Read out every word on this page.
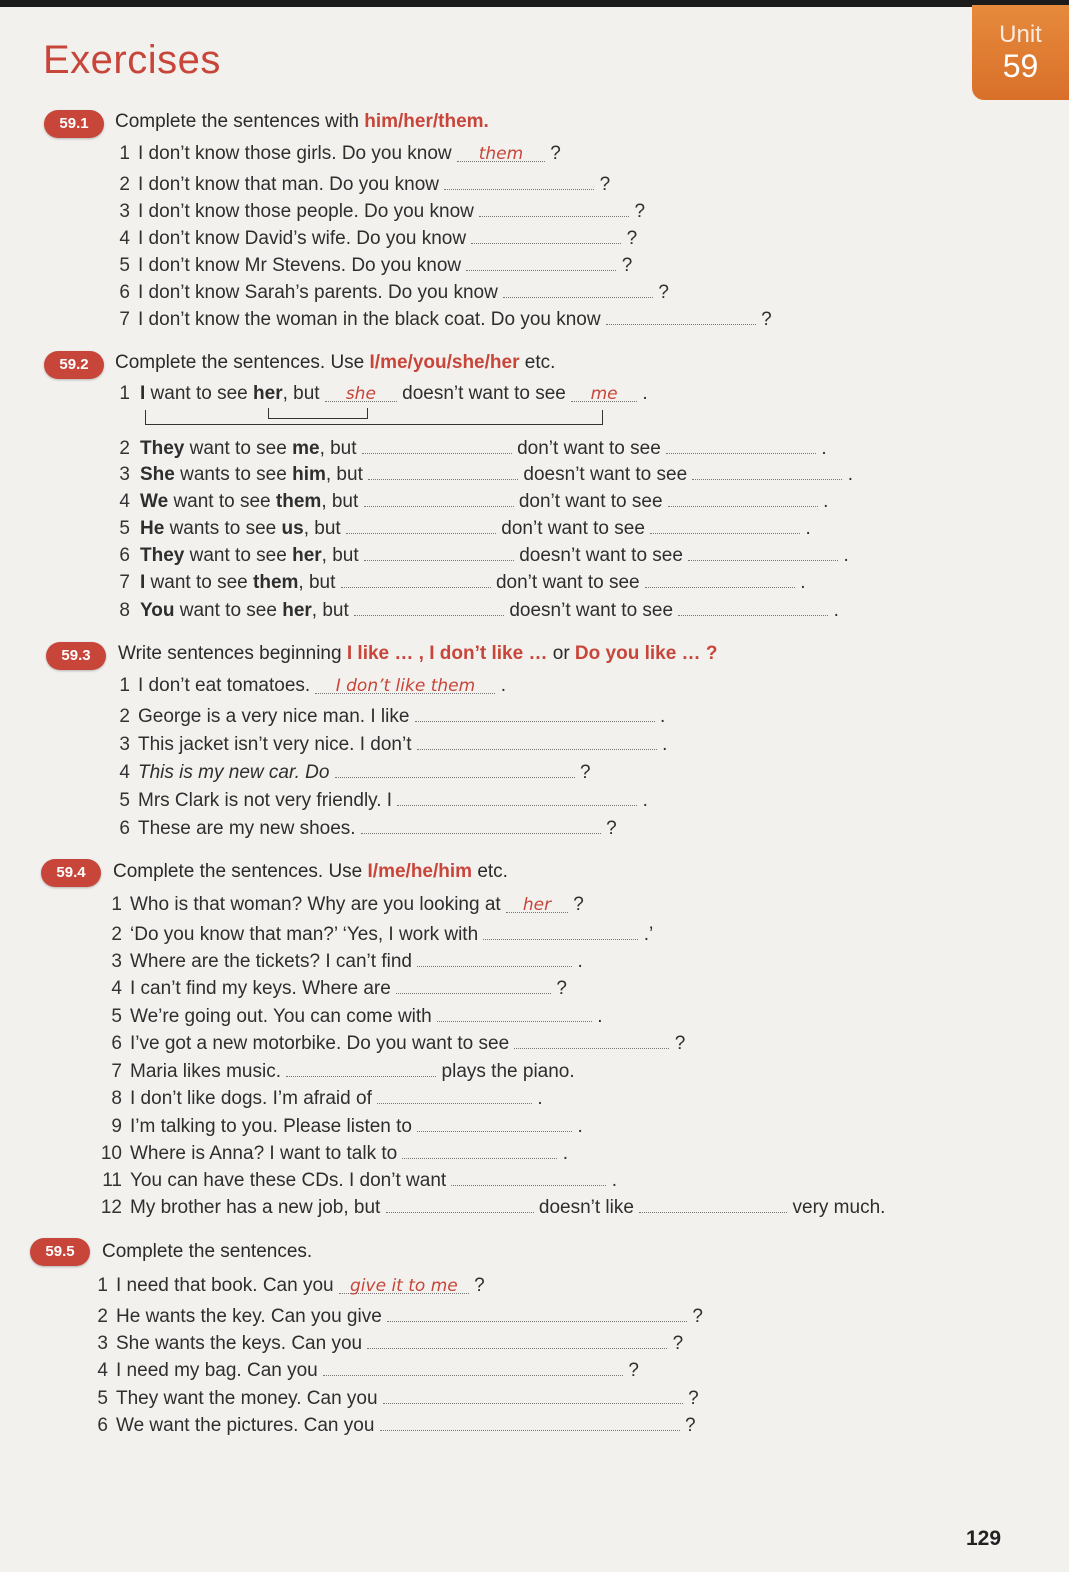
Unit
59
Exercises
59.1	Complete the sentences with him/her/them.
1 I don’t know those girls. Do you know them ?
2 I don’t know that man. Do you know	?
3 I don’t know those people. Do you know	?
4 I don’t know David’s wife. Do you know	?
5 I don’t know Mr Stevens. Do you know	?
6 I don’t know Sarah’s parents. Do you know	?
7 I don’t know the woman in the black coat. Do you know	?
59.2	Complete the sentences. Use I/me/you/she/her etc.
1 I want to see her, but she doesn’t want to see me .
2 They want to see me, but	don’t want to see	.
3 She wants to see him, but	doesn’t want to see	.
4 We want to see them, but	don’t want to see	.
5 He wants to see us, but	don’t want to see	.
6 They want to see her, but	doesn’t want to see	.
7 I want to see them, but	don’t want to see	.
8 You want to see her, but	doesn’t want to see	.
59.3	Write sentences beginning I like … , I don’t like … or Do you like … ?
1 I don’t eat tomatoes. I don’t like them .
2 George is a very nice man. I like	.
3 This jacket isn’t very nice. I don’t	.
4 This is my new car. Do	?
5 Mrs Clark is not very friendly. I	.
6 These are my new shoes.	?
59.4	Complete the sentences. Use I/me/he/him etc.
1 Who is that woman? Why are you looking at her ?
2 ‘Do you know that man?’ ‘Yes, I work with	.’
3 Where are the tickets? I can’t find	.
4 I can’t find my keys. Where are	?
5 We’re going out. You can come with	.
6 I’ve got a new motorbike. Do you want to see	?
7 Maria likes music.	plays the piano.
8 I don’t like dogs. I’m afraid of	.
9 I’m talking to you. Please listen to	.
10 Where is Anna? I want to talk to	.
11 You can have these CDs. I don’t want	.
12 My brother has a new job, but	doesn’t like	very much.
59.5	Complete the sentences.
1 I need that book. Can you give it to me ?
2 He wants the key. Can you give	?
3 She wants the keys. Can you	?
4 I need my bag. Can you	?
5 They want the money. Can you	?
6 We want the pictures. Can you	?
129
